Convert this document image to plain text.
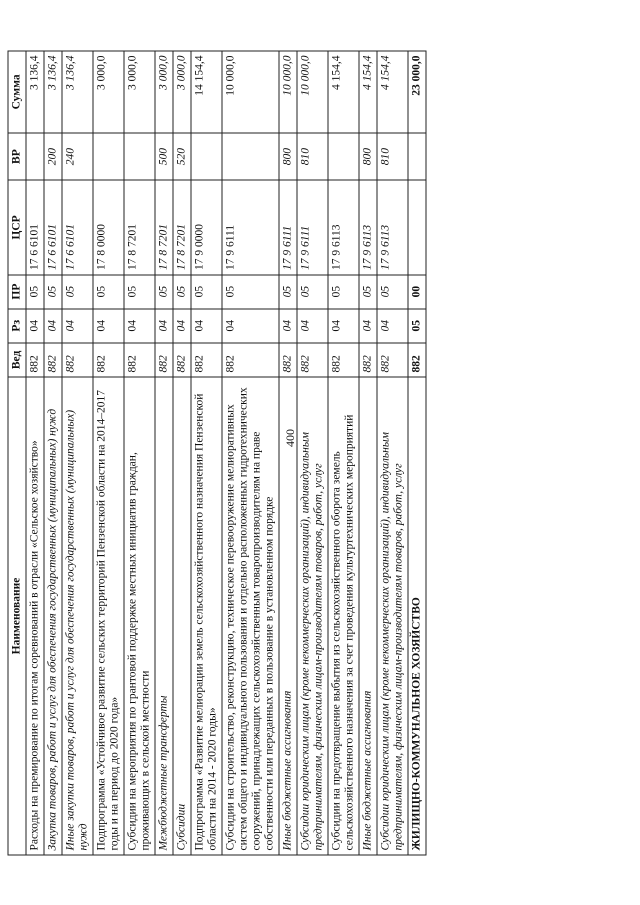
400
Наименование	Вед	Рз	ПР	ЦСР	ВР	Сумма
Расходы на премирование по итогам соревнований в отрасли «Сельское хозяйство»	882	04	05	17 6 6101		3 136,4
Закупка товаров, работ и услуг для обеспечения государственных (муниципальных) нужд	882	04	05	17 6 6101	200	3 136,4
Иные закупки товаров, работ и услуг для обеспечения государственных (муниципальных) нужд	882	04	05	17 6 6101	240	3 136,4
Подпрограмма «Устойчивое развитие сельских территорий Пензенской области на 2014–2017 годы и на период до 2020 года»	882	04	05	17 8 0000		3 000,0
Субсидии на мероприятия по грантовой поддержке местных инициатив граждан, проживающих в сельской местности	882	04	05	17 8 7201		3 000,0
Межбюджетные трансферты	882	04	05	17 8 7201	500	3 000,0
Субсидии	882	04	05	17 8 7201	520	3 000,0
Подпрограмма «Развитие мелиорации земель сельскохозяйственного назначения Пензенской области на 2014 - 2020 годы»	882	04	05	17 9 0000		14 154,4
Субсидии на строительство, реконструкцию, техническое перевооружение мелиоративных систем общего и индивидуального пользования и отдельно расположенных гидротехнических сооружений, принадлежащих сельскохозяйственным товаропроизводителям на праве собственности или переданных в пользование в установленном порядке	882	04	05	17 9 6111		10 000,0
Иные бюджетные ассигнования	882	04	05	17 9 6111	800	10 000,0
Субсидии юридическим лицам (кроме некоммерческих организаций), индивидуальным предпринимателям, физическим лицам-производителям товаров, работ, услуг	882	04	05	17 9 6111	810	10 000,0
Субсидии на предотвращение выбытия из сельскохозяйственного оборота земель сельскохозяйственного назначения за счет проведения культуртехнических мероприятий	882	04	05	17 9 6113		4 154,4
Иные бюджетные ассигнования	882	04	05	17 9 6113	800	4 154,4
Субсидии юридическим лицам (кроме некоммерческих организаций), индивидуальным предпринимателям, физическим лицам-производителям товаров, работ, услуг	882	04	05	17 9 6113	810	4 154,4
ЖИЛИЩНО-КОММУНАЛЬНОЕ ХОЗЯЙСТВО	882	05	00			23 000,0
